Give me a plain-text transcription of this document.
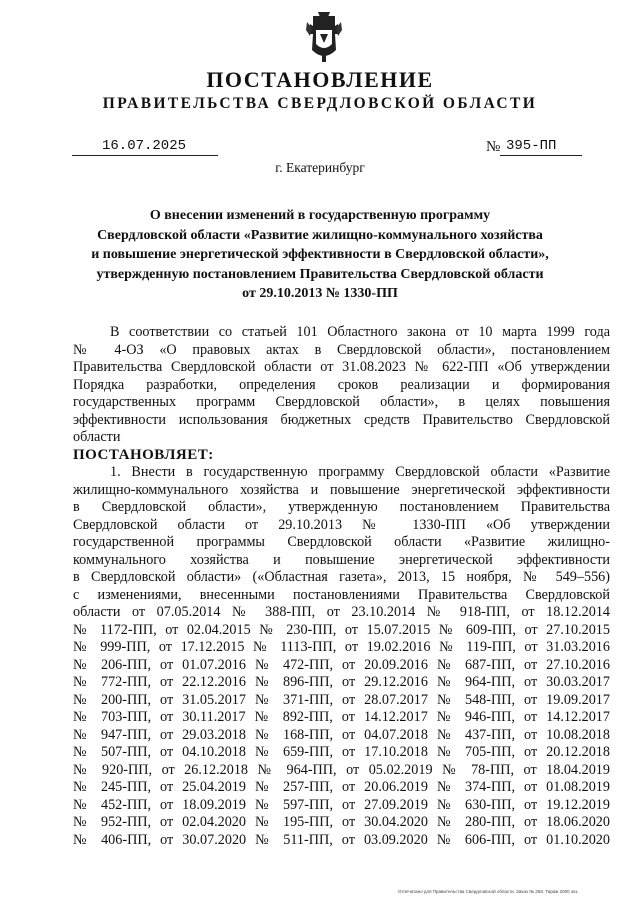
ПОСТАНОВЛЕНИЕ
ПРАВИТЕЛЬСТВА СВЕРДЛОВСКОЙ ОБЛАСТИ
16.07.2025	№ 395-ПП
г. Екатеринбург
О внесении изменений в государственную программу
Свердловской области «Развитие жилищно-коммунального хозяйства
и повышение энергетической эффективности в Свердловской области»,
утвержденную постановлением Правительства Свердловской области
от 29.10.2013 № 1330-ПП
В соответствии со статьей 101 Областного закона от 10 марта 1999 года
№ 4-ОЗ «О правовых актах в Свердловской области», постановлением
Правительства Свердловской области от 31.08.2023 № 622-ПП «Об утверждении
Порядка разработки, определения сроков реализации и формирования
государственных программ Свердловской области», в целях повышения
эффективности использования бюджетных средств Правительство Свердловской
области
ПОСТАНОВЛЯЕТ:
1. Внести в государственную программу Свердловской области «Развитие
жилищно-коммунального хозяйства и повышение энергетической эффективности
в Свердловской области», утвержденную постановлением Правительства
Свердловской области от 29.10.2013 № 1330-ПП «Об утверждении
государственной программы Свердловской области «Развитие жилищно-
коммунального хозяйства и повышение энергетической эффективности
в Свердловской области» («Областная газета», 2013, 15 ноября, № 549–556)
с изменениями, внесенными постановлениями Правительства Свердловской
области от 07.05.2014 № 388-ПП, от 23.10.2014 № 918-ПП, от 18.12.2014
№ 1172-ПП, от 02.04.2015 № 230-ПП, от 15.07.2015 № 609-ПП, от 27.10.2015
№ 999-ПП, от 17.12.2015 № 1113-ПП, от 19.02.2016 № 119-ПП, от 31.03.2016
№ 206-ПП, от 01.07.2016 № 472-ПП, от 20.09.2016 № 687-ПП, от 27.10.2016
№ 772-ПП, от 22.12.2016 № 896-ПП, от 29.12.2016 № 964-ПП, от 30.03.2017
№ 200-ПП, от 31.05.2017 № 371-ПП, от 28.07.2017 № 548-ПП, от 19.09.2017
№ 703-ПП, от 30.11.2017 № 892-ПП, от 14.12.2017 № 946-ПП, от 14.12.2017
№ 947-ПП, от 29.03.2018 № 168-ПП, от 04.07.2018 № 437-ПП, от 10.08.2018
№ 507-ПП, от 04.10.2018 № 659-ПП, от 17.10.2018 № 705-ПП, от 20.12.2018
№ 920-ПП, от 26.12.2018 № 964-ПП, от 05.02.2019 № 78-ПП, от 18.04.2019
№ 245-ПП, от 25.04.2019 № 257-ПП, от 20.06.2019 № 374-ПП, от 01.08.2019
№ 452-ПП, от 18.09.2019 № 597-ПП, от 27.09.2019 № 630-ПП, от 19.12.2019
№ 952-ПП, от 02.04.2020 № 195-ПП, от 30.04.2020 № 280-ПП, от 18.06.2020
№ 406-ПП, от 30.07.2020 № 511-ПП, от 03.09.2020 № 606-ПП, от 01.10.2020
Отпечатано для Правительства Свердловской области. Заказ № 258. Тираж 2000 экз.
